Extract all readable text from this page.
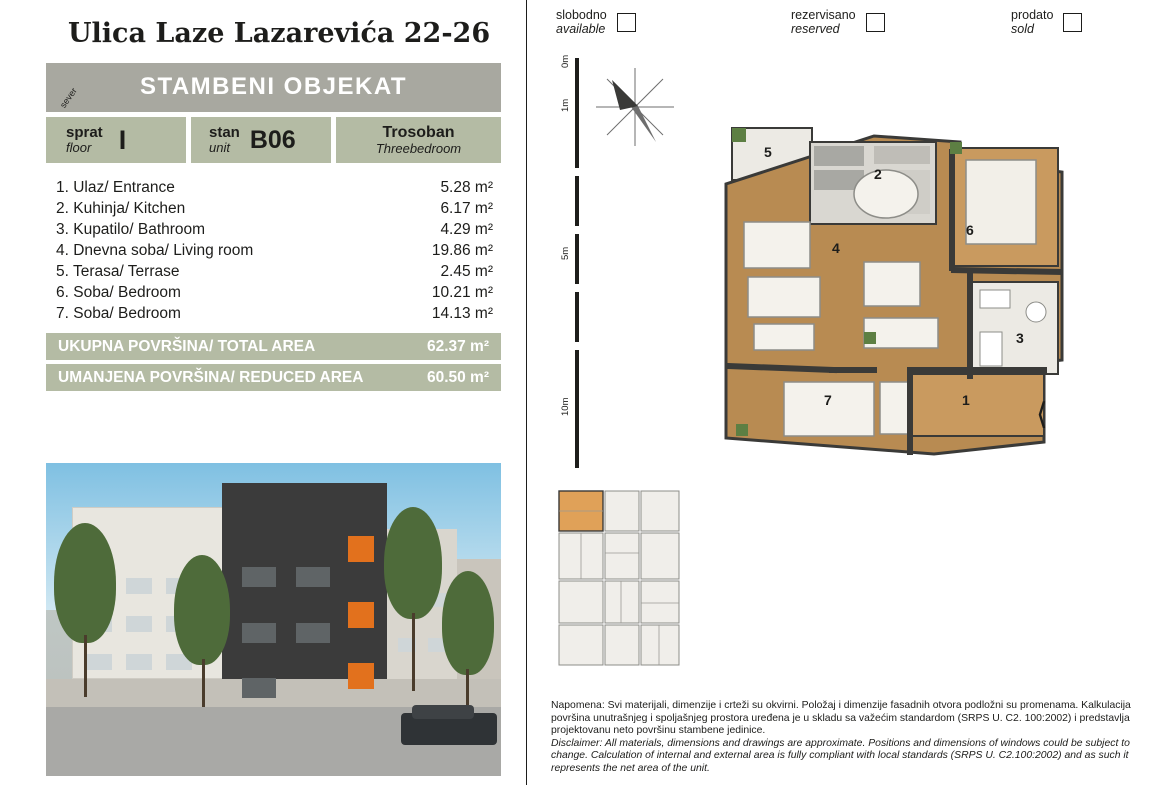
Ulica Laze Lazarevića 22-26
STAMBENI OBJEKAT
sprat
floor	I	stan
unit B06	Trosoban
Threebedroom
1. Ulaz/ Entrance	5.28 m²
2. Kuhinja/ Kitchen	6.17 m²
3. Kupatilo/ Bathroom	4.29 m²
4. Dnevna soba/ Living room	19.86 m²
5. Terasa/ Terrase	2.45 m²
6. Soba/ Bedroom	10.21 m²
7. Soba/ Bedroom	14.13 m²
UKUPNA POVRŠINA/ TOTAL AREA	62.37 m²
UMANJENA POVRŠINA/ REDUCED AREA	60.50 m²
slobodno
available
rezervisano
reserved
prodato
sold
0m
1m
5m
10m
sever
5
2
6
4
3
1
7	⟨
Napomena: Svi materijali, dimenzije i crteži su okvirni. Položaj i dimenzije fasadnih otvora podložni su promenama. Kalkulacija površina unutrašnjeg i spoljašnjeg prostora uređena je u skladu sa važećim standardom (SRPS U. C2. 100:2002) i predstavlja projektovanu neto površinu stambene jedinice.
Disclaimer: All materials, dimensions and drawings are approximate. Positions and dimensions of windows could be subject to change. Calculation of internal and external area is fully compliant with local standards (SRPS U. C2.100:2002) and as such it represents the net area of the unit.
